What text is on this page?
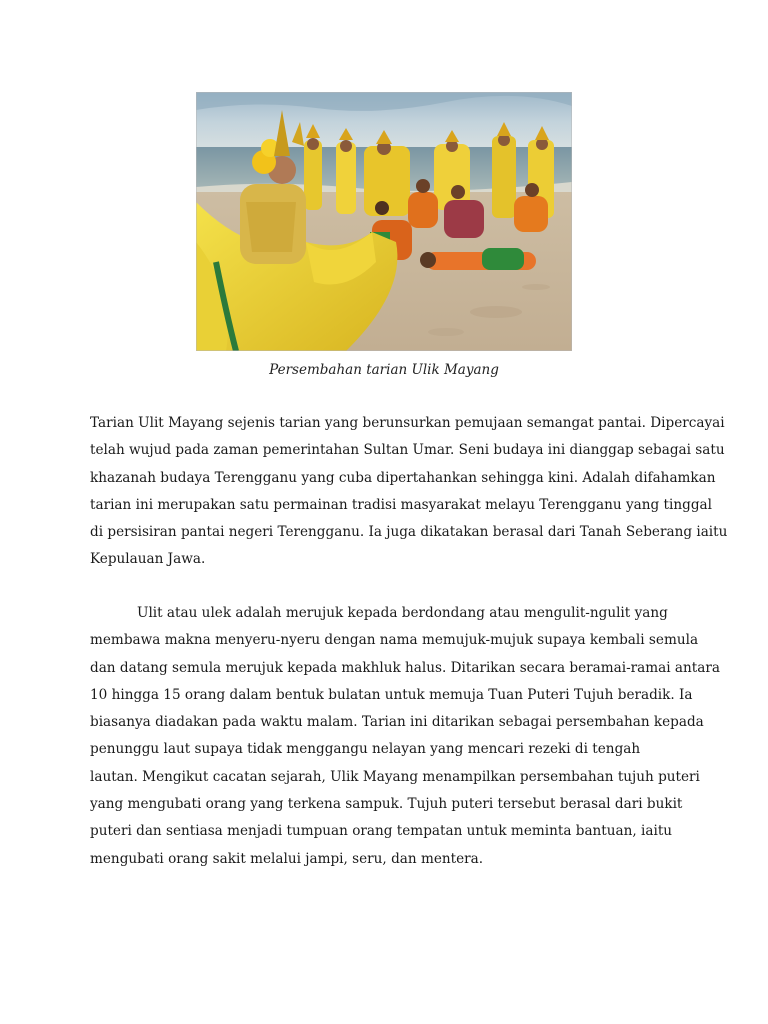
Persembahan tarian Ulik Mayang

Tarian Ulit Mayang sejenis tarian yang berunsurkan pemujaan semangat pantai. Dipercayai
telah wujud pada zaman pemerintahan Sultan Umar. Seni budaya ini dianggap sebagai satu
khazanah budaya Terengganu yang cuba dipertahankan sehingga kini. Adalah difahamkan
tarian ini merupakan satu permainan tradisi masyarakat melayu Terengganu yang tinggal
di persisiran pantai negeri Terengganu. Ia juga dikatakan berasal dari Tanah Seberang iaitu
Kepulauan Jawa.

Ulit atau ulek adalah merujuk kepada berdondang atau mengulit-ngulit yang
membawa makna menyeru-nyeru dengan nama memujuk-mujuk supaya kembali semula
dan datang semula merujuk kepada makhluk halus. Ditarikan secara beramai-ramai antara
10 hingga 15 orang dalam bentuk bulatan untuk memuja Tuan Puteri Tujuh beradik. Ia
biasanya diadakan pada waktu malam. Tarian ini ditarikan sebagai persembahan kepada
penunggu laut supaya tidak menggangu nelayan yang mencari rezeki di tengah
lautan. Mengikut cacatan sejarah, Ulik Mayang menampilkan persembahan tujuh puteri
yang mengubati orang yang terkena sampuk. Tujuh puteri tersebut berasal dari bukit
puteri dan sentiasa menjadi tumpuan orang tempatan untuk meminta bantuan, iaitu
mengubati orang sakit melalui jampi, seru, dan mentera.
